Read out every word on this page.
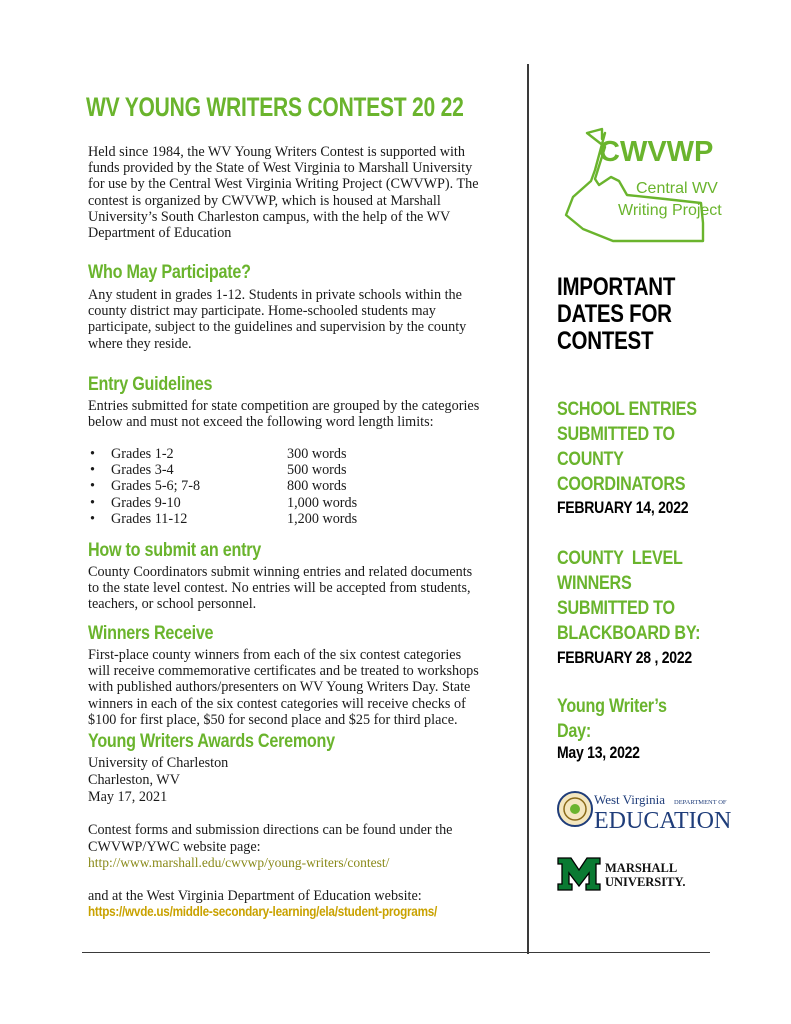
WV YOUNG WRITERS CONTEST 20 22
Held since 1984, the WV Young Writers Contest is supported with funds provided by the State of West Virginia to Marshall University for use by the Central West Virginia Writing Project (CWVWP). The contest is organized by CWVWP, which is housed at Marshall University’s South Charleston campus, with the help of the WV Department of Education
Who May Participate?
Any student in grades 1-12. Students in private schools within the county district may participate. Home-schooled students may participate, subject to the guidelines and supervision by the county where they reside.
Entry Guidelines
Entries submitted for state competition are grouped by the categories below and must not exceed the following word length limits:
•	Grades 1-2	300 words
•	Grades 3-4	500 words
•	Grades 5-6; 7-8	800 words
•	Grades 9-10	1,000 words
•	Grades 11-12	1,200 words
How to submit an entry
County Coordinators submit winning entries and related documents to the state level contest. No entries will be accepted from students, teachers, or school personnel.
Winners Receive
First-place county winners from each of the six contest categories will receive commemorative certificates and be treated to workshops with published authors/presenters on WV Young Writers Day. State winners in each of the six contest categories will receive checks of $100 for first place, $50 for second place and $25 for third place.
Young Writers Awards Ceremony
University of Charleston
Charleston, WV
May 17, 2021
Contest forms and submission directions can be found under the CWVWP/YWC website page:
http://www.marshall.edu/cwvwp/young-writers/contest/
and at the West Virginia Department of Education website:
https://wvde.us/middle-secondary-learning/ela/student-programs/
CWVWP
Central WV
Writing Project
IMPORTANT
DATES FOR
CONTEST
SCHOOL ENTRIES
SUBMITTED TO
COUNTY
COORDINATORS
FEBRUARY 14, 2022
COUNTY  LEVEL
WINNERS
SUBMITTED TO
BLACKBOARD BY:
FEBRUARY 28 , 2022
Young Writer’s
Day:
May 13, 2022
West Virginia DEPARTMENT OF
EDUCATION
MARSHALL
UNIVERSITY.
